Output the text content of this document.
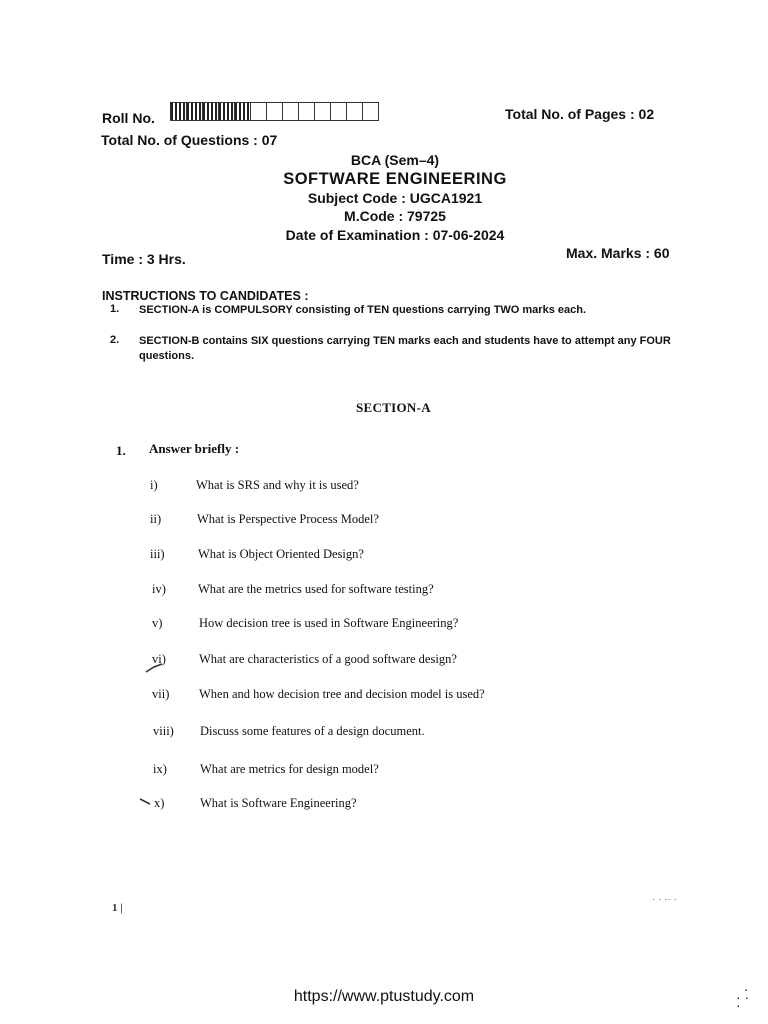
Roll No.	Total No. of Pages : 02
Total No. of Questions : 07
BCA (Sem–4)
SOFTWARE ENGINEERING
Subject Code : UGCA1921
M.Code : 79725
Date of Examination : 07-06-2024
Time : 3 Hrs.	Max. Marks : 60
INSTRUCTIONS TO CANDIDATES :
1. SECTION-A is COMPULSORY consisting of TEN questions carrying TWO marks each.
2. SECTION-B contains SIX questions carrying TEN marks each and students have to attempt any FOUR questions.
SECTION-A
1. Answer briefly :
i)	What is SRS and why it is used?
ii)	What is Perspective Process Model?
iii)	What is Object Oriented Design?
iv)	What are the metrics used for software testing?
v)	How decision tree is used in Software Engineering?
vi)	What are characteristics of a good software design?
vii) When and how decision tree and decision model is used?
viii) Discuss some features of a design document.
ix)	What are metrics for design model?
x)	What is Software Engineering?
1 |
· · ·· ·
https://www.ptustudy.com	·
· ·
·
